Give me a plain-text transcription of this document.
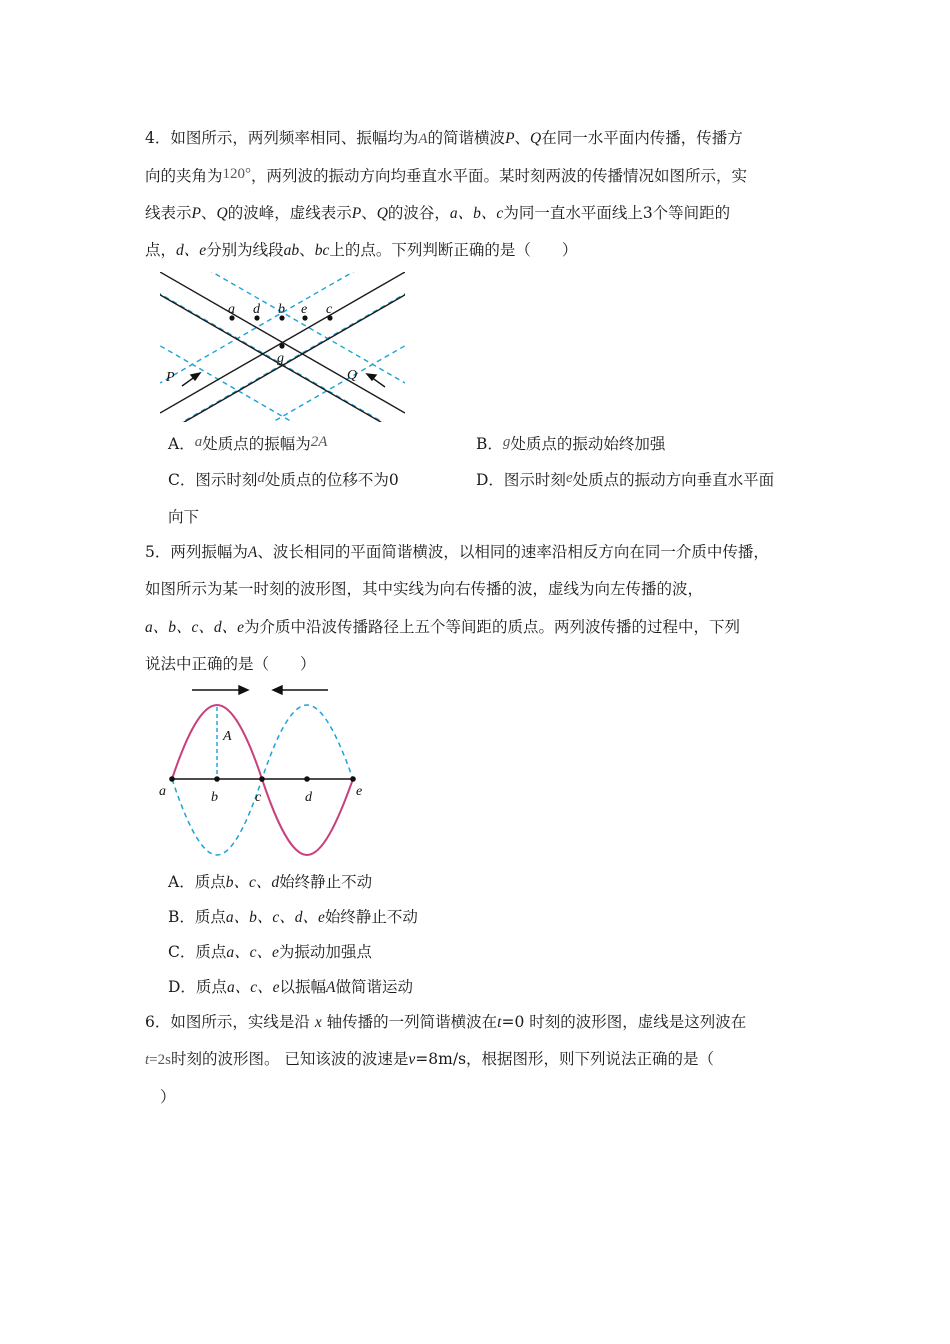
4．如图所示，两列频率相同、振幅均为A的简谐横波P、Q在同一水平面内传播，传播方
向的夹角为120°，两列波的振动方向均垂直水平面。某时刻两波的传播情况如图所示，实
线表示P、Q的波峰，虚线表示P、Q的波谷，a、b、c为同一直水平面线上3个等间距的
点，d、e分别为线段ab、bc上的点。下列判断正确的是（　　）
a d b e c
g
P	Q
A．a处质点的振幅为2A	B．g处质点的振动始终加强
C．图示时刻d处质点的位移不为0	D．图示时刻e处质点的振动方向垂直水平面
向下
5．两列振幅为A、波长相同的平面简谐横波，以相同的速率沿相反方向在同一介质中传播，
如图所示为某一时刻的波形图，其中实线为向右传播的波，虚线为向左传播的波，
a、b、c、d、e为介质中沿波传播路径上五个等间距的质点。两列波传播的过程中，下列
说法中正确的是（　　）
A
a	b	c	d	e
A．质点b、c、d始终静止不动
B．质点a、b、c、d、e始终静止不动
C．质点a、c、e为振动加强点
D．质点a、c、e以振幅A做简谐运动
6．如图所示，实线是沿 x 轴传播的一列简谐横波在t=0 时刻的波形图，虚线是这列波在
t=2s时刻的波形图。 已知该波的波速是v=8m/s，根据图形，则下列说法正确的是（
）
